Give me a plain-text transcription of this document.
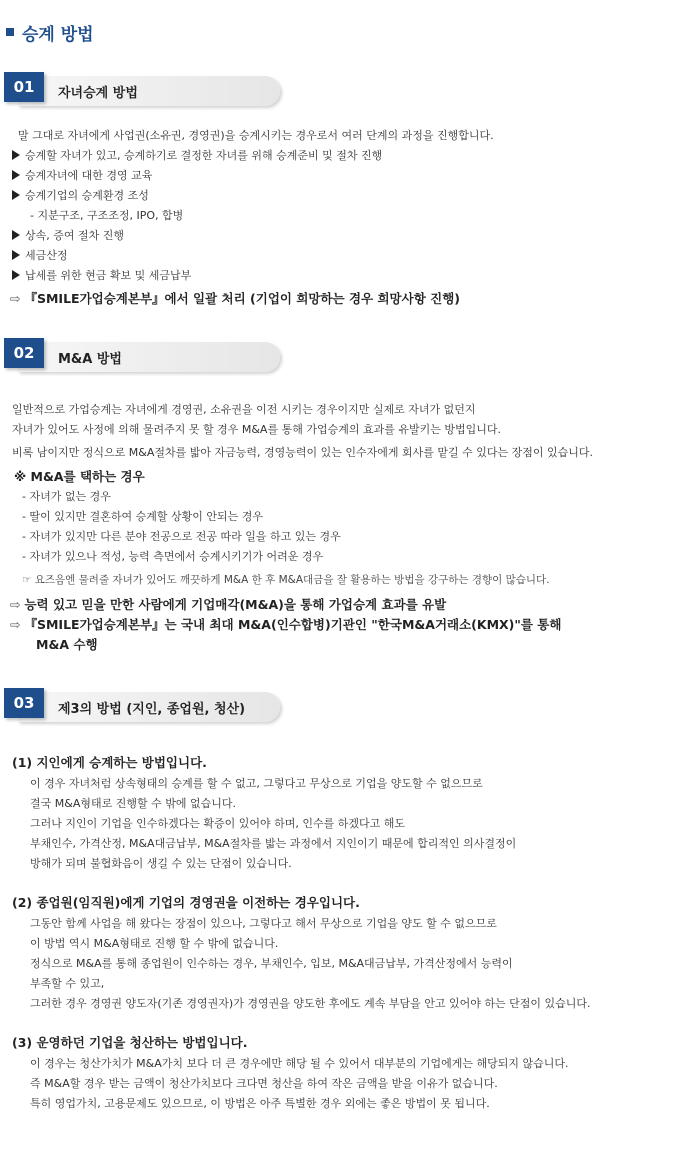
승계 방법
01	자녀승계 방법
말 그대로 자녀에게 사업권(소유권, 경영권)을 승계시키는 경우로서 여러 단계의 과정을 진행합니다.
승계할 자녀가 있고, 승계하기로 결정한 자녀를 위해 승계준비 및 절차 진행
승계자녀에 대한 경영 교육
승계기업의 승계환경 조성
- 지분구조, 구조조정, IPO, 합병
상속, 증여 절차 진행
세금산정
납세를 위한 현금 확보 및 세금납부
⇨ 『SMILE가업승계본부』에서 일괄 처리 (기업이 희망하는 경우 희망사항 진행)
02	M&A 방법
일반적으로 가업승계는 자녀에게 경영권, 소유권을 이전 시키는 경우이지만 실제로 자녀가 없던지
자녀가 있어도 사정에 의해 물려주지 못 할 경우 M&A를 통해 가업승계의 효과를 유발키는 방법입니다.
비록 남이지만 정식으로 M&A절차를 밟아 자금능력, 경영능력이 있는 인수자에게 회사를 맡길 수 있다는 장점이 있습니다.
※ M&A를 택하는 경우
- 자녀가 없는 경우
- 딸이 있지만 결혼하여 승계할 상황이 안되는 경우
- 자녀가 있지만 다른 분야 전공으로 전공 따라 일을 하고 있는 경우
- 자녀가 있으나 적성, 능력 측면에서 승계시키기가 어려운 경우
☞ 요즈음엔 물려줄 자녀가 있어도 깨끗하게 M&A 한 후 M&A대금을 잘 활용하는 방법을 강구하는 경향이 많습니다.
⇨ 능력 있고 믿을 만한 사람에게 기업매각(M&A)을 통해 가업승계 효과를 유발
⇨ 『SMILE가업승계본부』는 국내 최대 M&A(인수합병)기관인 "한국M&A거래소(KMX)"를 통해
M&A 수행
03	제3의 방법 (지인, 종업원, 청산)
(1) 지인에게 승계하는 방법입니다.
이 경우 자녀처럼 상속형태의 승계를 할 수 없고, 그렇다고 무상으로 기업을 양도할 수 없으므로
결국 M&A형태로 진행할 수 밖에 없습니다.
그러나 지인이 기업을 인수하겠다는 확증이 있어야 하며, 인수를 하겠다고 해도
부채인수, 가격산정, M&A대금납부, M&A절차를 밟는 과정에서 지인이기 때문에 합리적인 의사결정이
방해가 되며 불협화음이 생길 수 있는 단점이 있습니다.
(2) 종업원(임직원)에게 기업의 경영권을 이전하는 경우입니다.
그동안 함께 사업을 해 왔다는 장점이 있으나, 그렇다고 해서 무상으로 기업을 양도 할 수 없으므로
이 방법 역시 M&A형태로 진행 할 수 밖에 없습니다.
정식으로 M&A를 통해 종업원이 인수하는 경우, 부채인수, 입보, M&A대금납부, 가격산정에서 능력이
부족할 수 있고,
그러한 경우 경영권 양도자(기존 경영권자)가 경영권을 양도한 후에도 계속 부담을 안고 있어야 하는 단점이 있습니다.
(3) 운영하던 기업을 청산하는 방법입니다.
이 경우는 청산가치가 M&A가치 보다 더 큰 경우에만 해당 될 수 있어서 대부분의 기업에게는 해당되지 않습니다.
즉 M&A할 경우 받는 금액이 청산가치보다 크다면 청산을 하여 작은 금액을 받을 이유가 없습니다.
특히 영업가치, 고용문제도 있으므로, 이 방법은 아주 특별한 경우 외에는 좋은 방법이 못 됩니다.
